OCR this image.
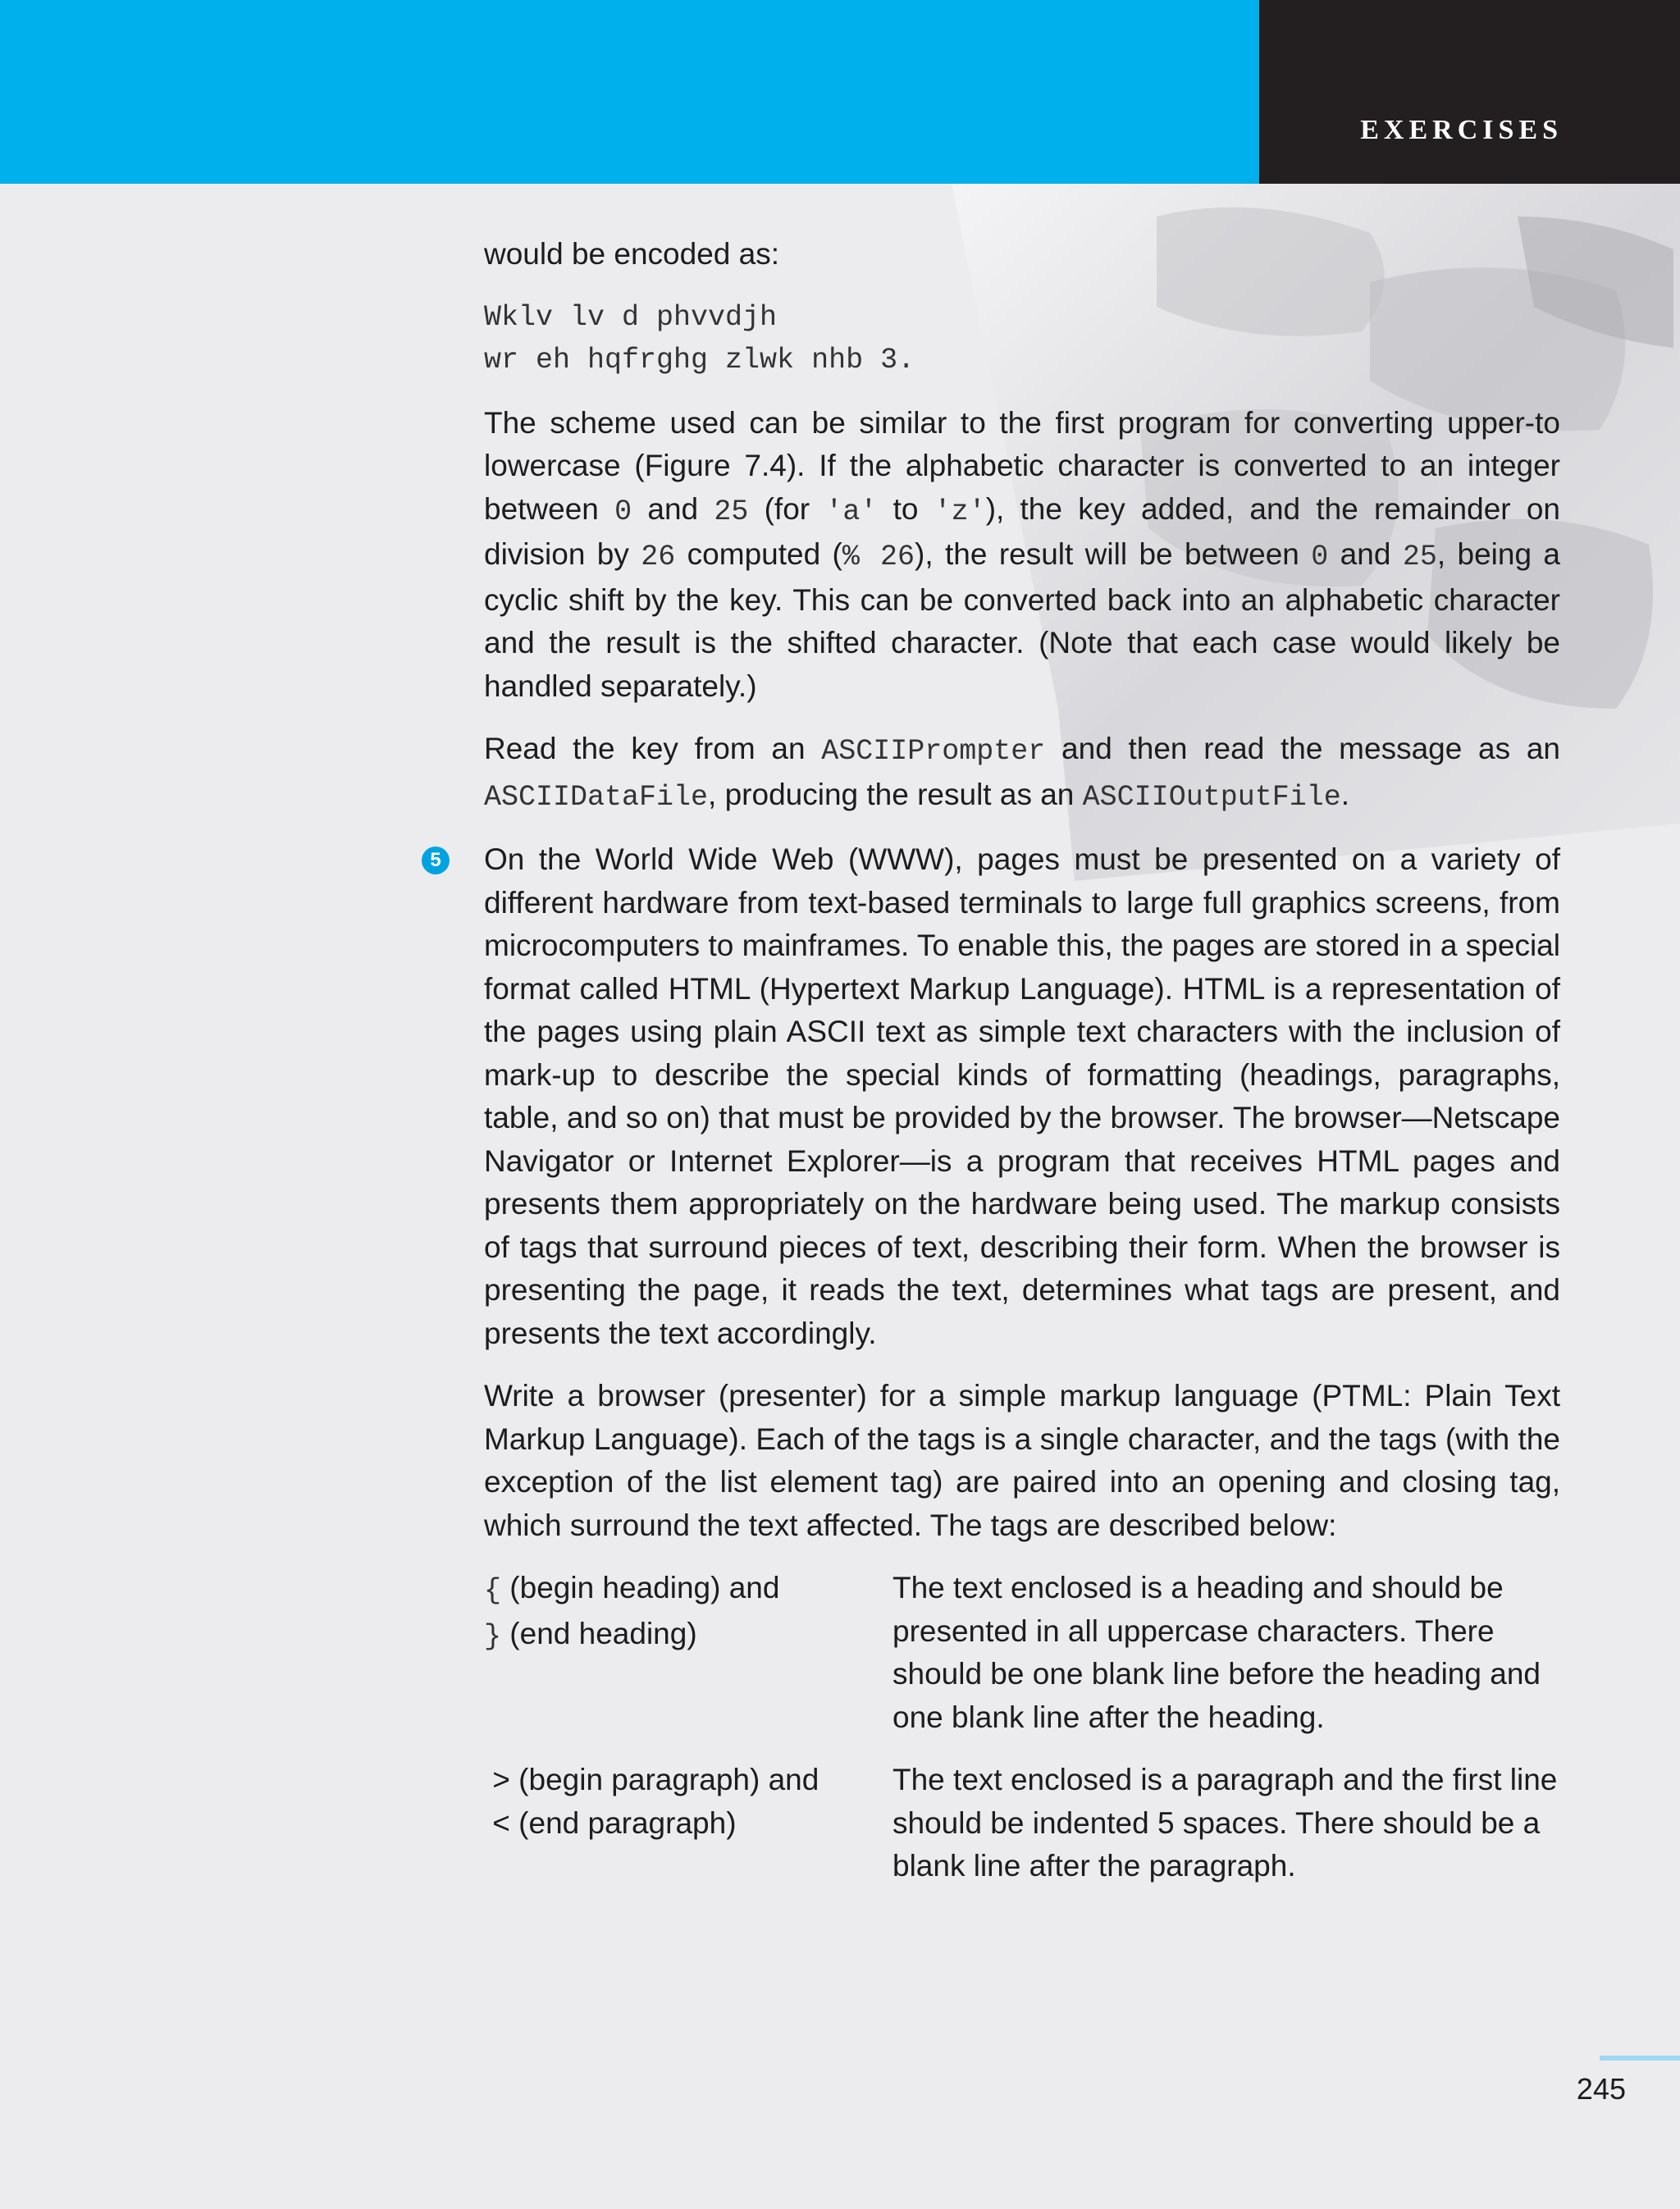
EXERCISES

would be encoded as:

Wklv lv d phvvdjh
wr eh hqfrghg zlwk nhb 3.

The scheme used can be similar to the first program for converting upper-to lowercase (Figure 7.4). If the alphabetic character is converted to an integer between 0 and 25 (for 'a' to 'z'), the key added, and the remainder on division by 26 computed (% 26), the result will be between 0 and 25, being a cyclic shift by the key. This can be converted back into an alphabetic character and the result is the shifted character. (Note that each case would likely be handled separately.)

Read the key from an ASCIIPrompter and then read the message as an ASCIIDataFile, producing the result as an ASCIIOutputFile.

5 On the World Wide Web (WWW), pages must be presented on a variety of different hardware from text-based terminals to large full graphics screens, from microcomputers to mainframes. To enable this, the pages are stored in a special format called HTML (Hypertext Markup Language). HTML is a representation of the pages using plain ASCII text as simple text characters with the inclusion of mark-up to describe the special kinds of formatting (headings, paragraphs, table, and so on) that must be provided by the browser. The browser—Netscape Navigator or Internet Explorer—is a program that receives HTML pages and presents them appropriately on the hardware being used. The markup consists of tags that surround pieces of text, describing their form. When the browser is presenting the page, it reads the text, determines what tags are present, and presents the text accordingly.

Write a browser (presenter) for a simple markup language (PTML: Plain Text Markup Language). Each of the tags is a single character, and the tags (with the exception of the list element tag) are paired into an opening and closing tag, which surround the text affected. The tags are described below:

{ (begin heading) and
} (end heading)
The text enclosed is a heading and should be presented in all uppercase characters. There should be one blank line before the heading and one blank line after the heading.
> (begin paragraph) and
< (end paragraph)
The text enclosed is a paragraph and the first line should be indented 5 spaces. There should be a blank line after the paragraph.
245
